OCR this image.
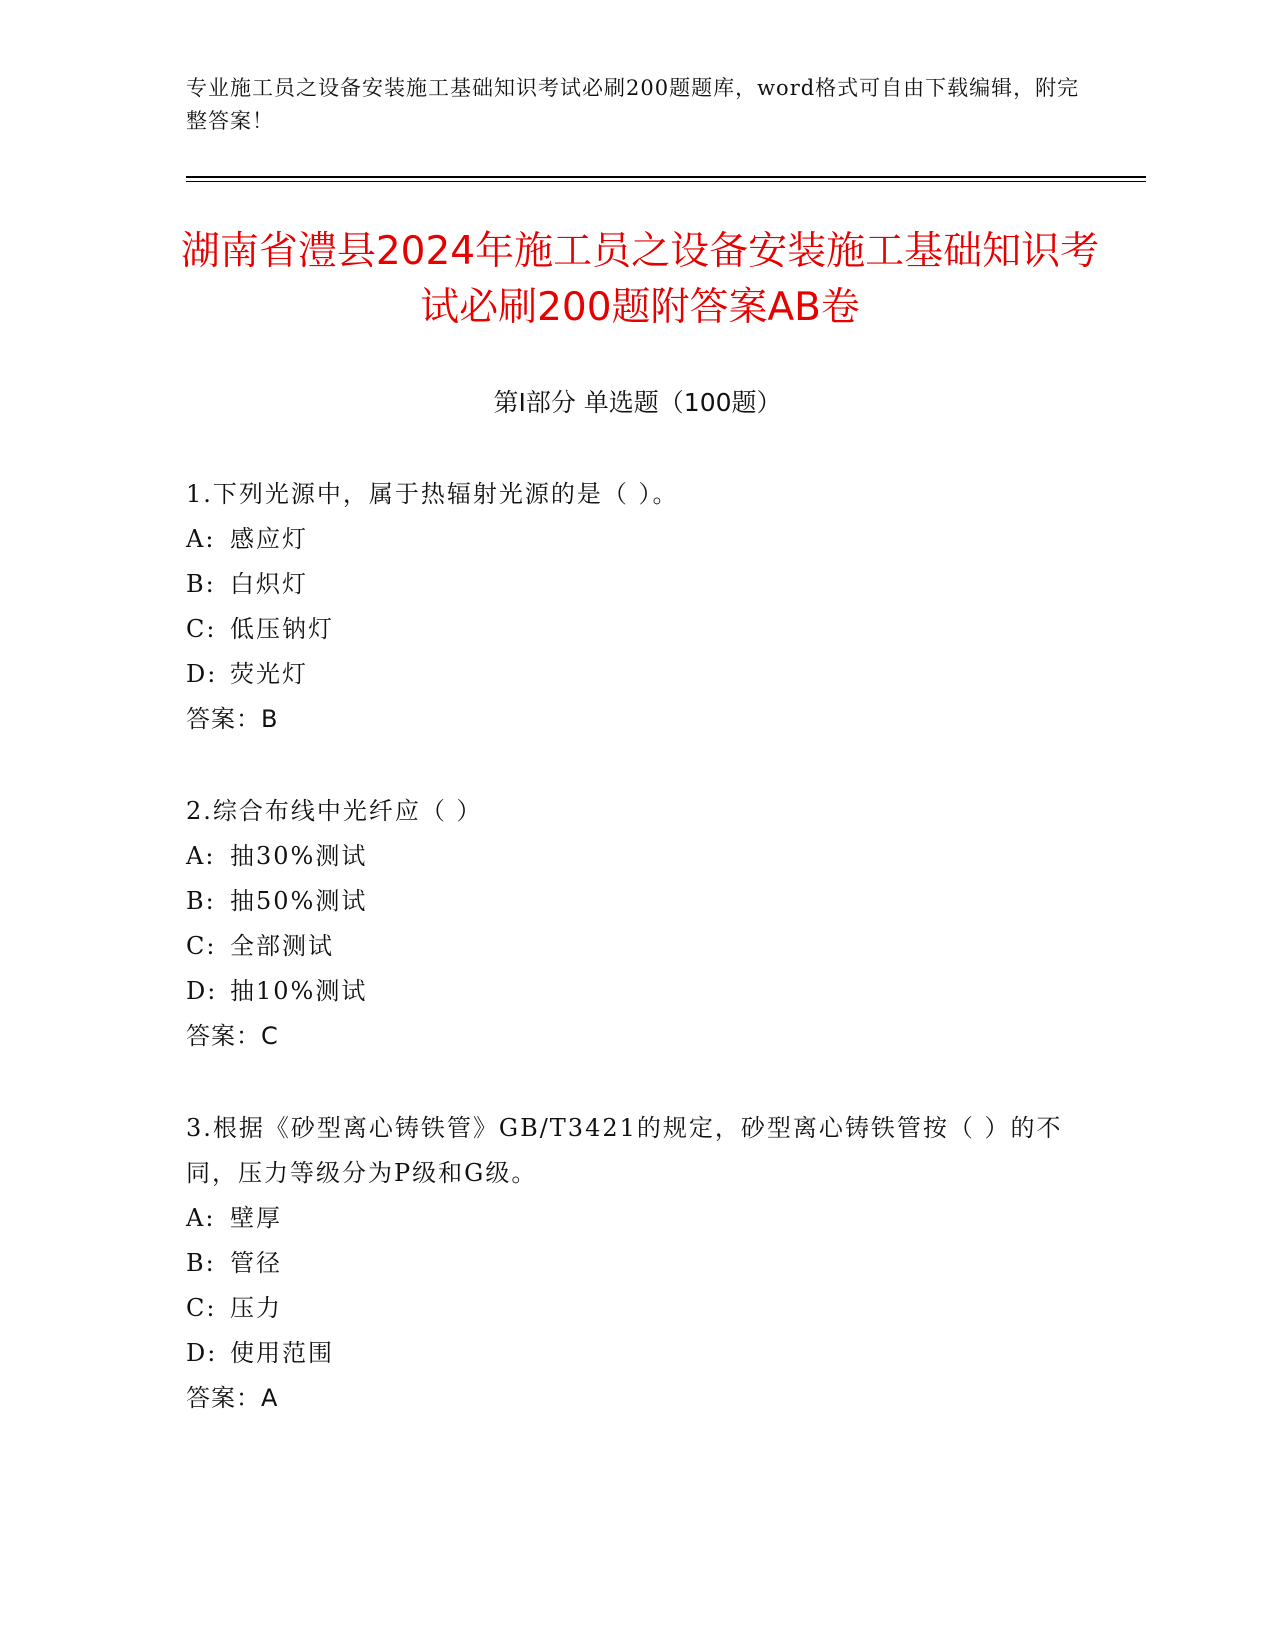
专业施工员之设备安装施工基础知识考试必刷200题题库，word格式可自由下载编辑，附完整答案！
湖南省澧县2024年施工员之设备安装施工基础知识考试必刷200题附答案AB卷
第Ⅰ部分 单选题（100题）

1.下列光源中，属于热辐射光源的是（ ）。

A: 感应灯
B: 白炽灯
C: 低压钠灯
D: 荧光灯
答案： B

2.综合布线中光纤应（ ）

A: 抽30%测试
B: 抽50%测试
C: 全部测试
D: 抽10%测试
答案： C

3.根据《砂型离心铸铁管》GB/T3421的规定，砂型离心铸铁管按（ ）的不同，压力等级分为P级和G级。

A: 壁厚
B: 管径
C: 压力
D: 使用范围
答案： A
